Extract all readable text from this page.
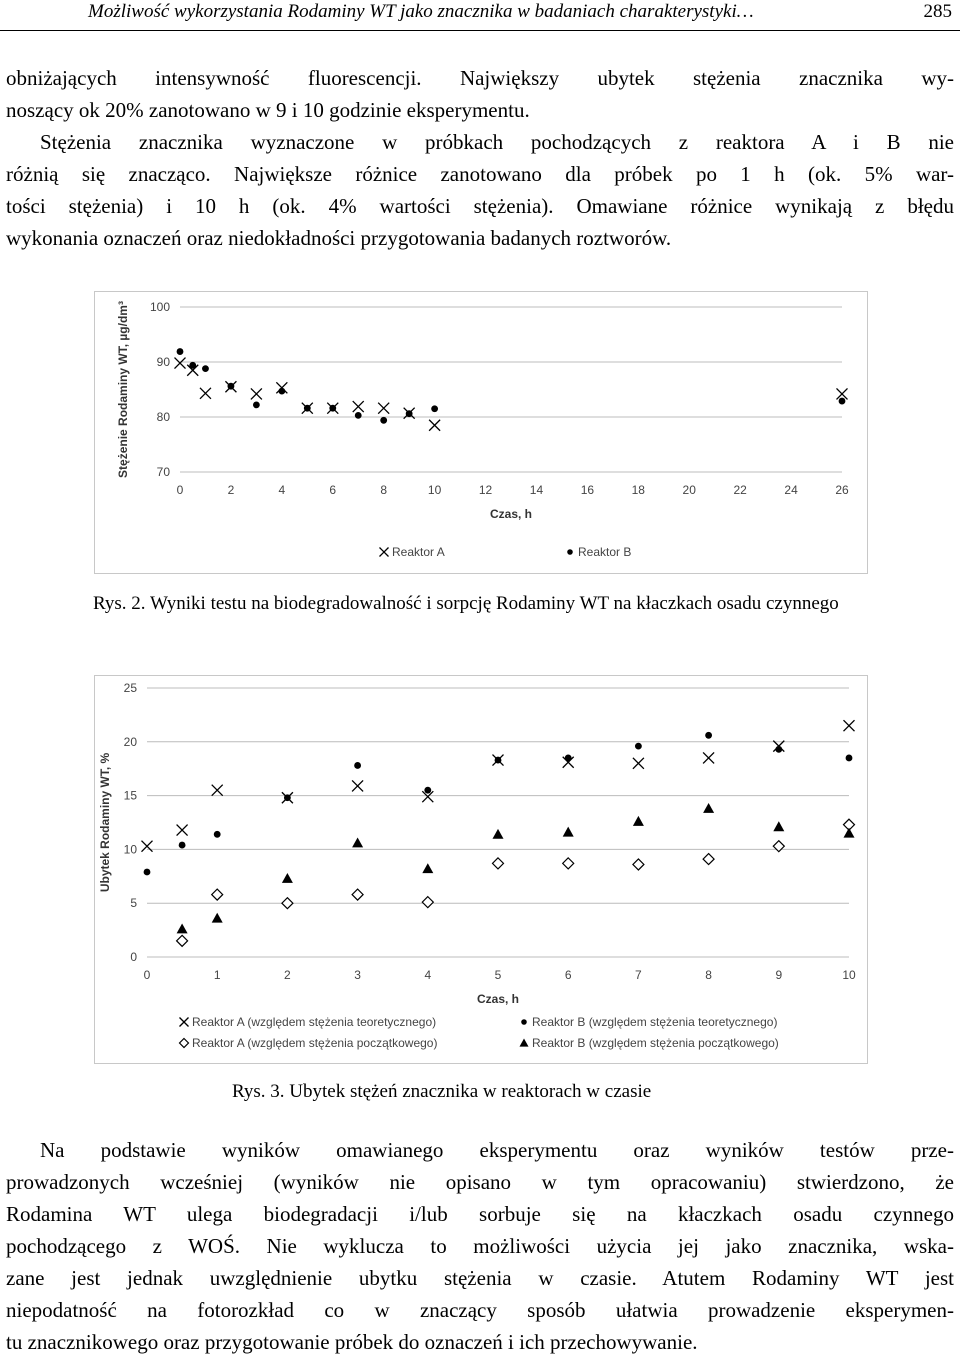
Możliwość wykorzystania Rodaminy WT jako znacznika w badaniach charakterystyki…	285
obniżających intensywność fluorescencji. Największy ubytek stężenia znacznika wy-
noszący ok 20% zanotowano w 9 i 10 godzinie eksperymentu.
Stężenia znacznika wyznaczone w próbkach pochodzących z reaktora A i B nie
różnią się znacząco. Największe różnice zanotowano dla próbek po 1 h (ok. 5% war-
tości stężenia) i 10 h (ok. 4% wartości stężenia). Omawiane różnice wynikają z błędu
wykonania oznaczeń oraz niedokładności przygotowania badanych roztworów.
70
80
90
100
0	2	4	6	8	10	12	14	16	18	20	22	24	26
Czas, h
Stężenie Rodaminy WT, µg/dm³
Reaktor A	Reaktor B
Rys. 2. Wyniki testu na biodegradowalność i sorpcję Rodaminy WT na kłaczkach osadu czynnego
0
5
10
15
20
25
0	1	2	3	4	5	6	7	8	9	10
Czas, h
Ubytek Rodaminy WT, %
Reaktor A (względem stężenia teoretycznego)	Reaktor B (względem stężenia teoretycznego)
Reaktor A (względem stężenia początkowego)	Reaktor B (względem stężenia początkowego)
Rys. 3. Ubytek stężeń znacznika w reaktorach w czasie
Na podstawie wyników omawianego eksperymentu oraz wyników testów prze-
prowadzonych wcześniej (wyników nie opisano w tym opracowaniu) stwierdzono, że
Rodamina WT ulega biodegradacji i/lub sorbuje się na kłaczkach osadu czynnego
pochodzącego z WOŚ. Nie wyklucza to możliwości użycia jej jako znacznika, wska-
zane jest jednak uwzględnienie ubytku stężenia w czasie. Atutem Rodaminy WT jest
niepodatność na fotorozkład co w znaczący sposób ułatwia prowadzenie eksperymen-
tu znacznikowego oraz przygotowanie próbek do oznaczeń i ich przechowywanie.
